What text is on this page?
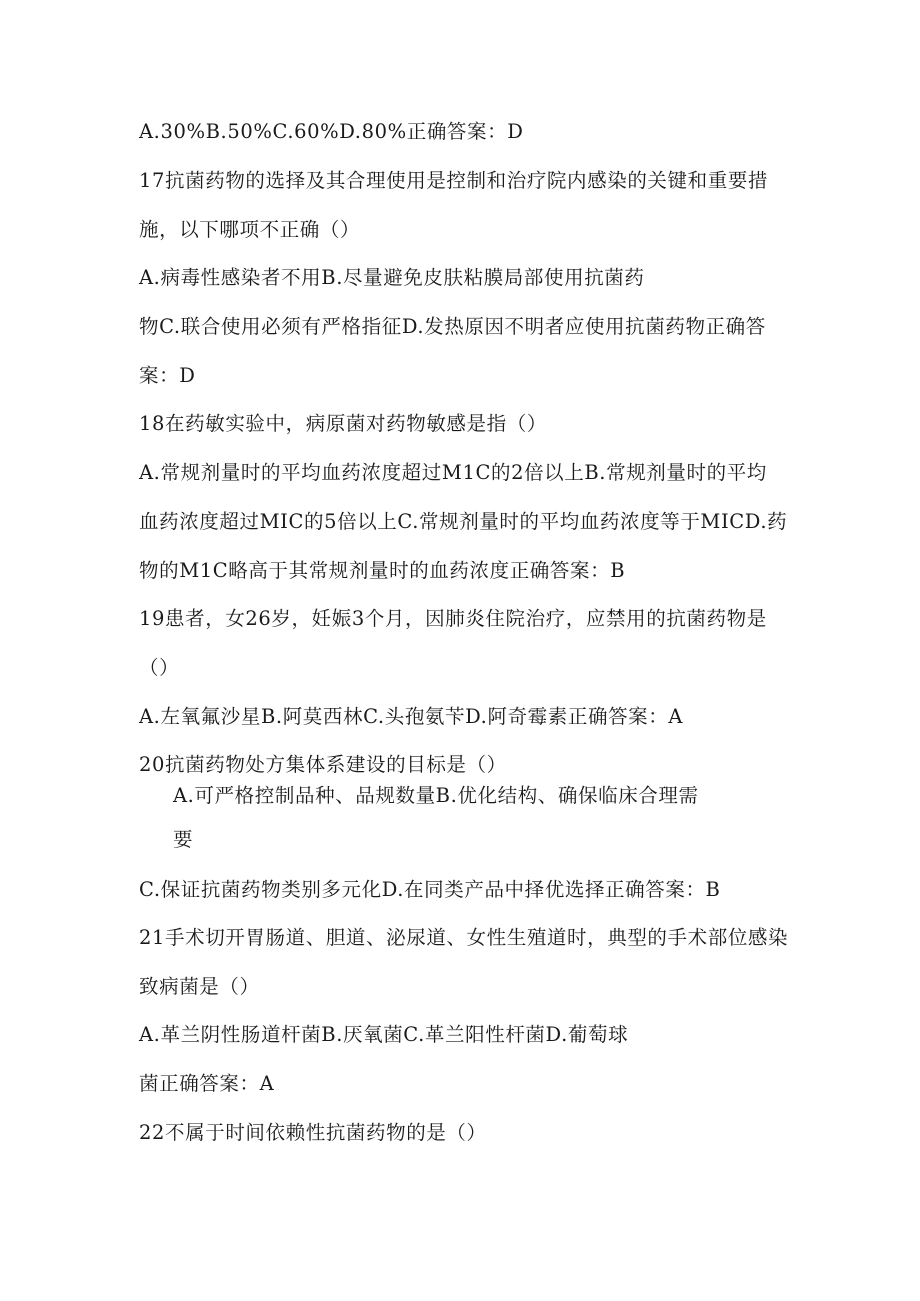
A.30%B.50%C.60%D.80%正确答案：D
17抗菌药物的选择及其合理使用是控制和治疗院内感染的关键和重要措
施，以下哪项不正确（）
A.病毒性感染者不用B.尽量避免皮肤粘膜局部使用抗菌药
物C.联合使用必须有严格指征D.发热原因不明者应使用抗菌药物正确答
案：D
18在药敏实验中，病原菌对药物敏感是指（）
A.常规剂量时的平均血药浓度超过M1C的2倍以上B.常规剂量时的平均
血药浓度超过MIC的5倍以上C.常规剂量时的平均血药浓度等于MICD.药
物的M1C略高于其常规剂量时的血药浓度正确答案：B
19患者，女26岁，妊娠3个月，因肺炎住院治疗，应禁用的抗菌药物是
（）
A.左氧氟沙星B.阿莫西林C.头孢氨苄D.阿奇霉素正确答案：A
20抗菌药物处方集体系建设的目标是（）
A.可严格控制品种、品规数量B.优化结构、确保临床合理需
要
C.保证抗菌药物类别多元化D.在同类产品中择优选择正确答案：B
21手术切开胃肠道、胆道、泌尿道、女性生殖道时，典型的手术部位感染
致病菌是（）
A.革兰阴性肠道杆菌B.厌氧菌C.革兰阳性杆菌D.葡萄球
菌正确答案：A
22不属于时间依赖性抗菌药物的是（）
